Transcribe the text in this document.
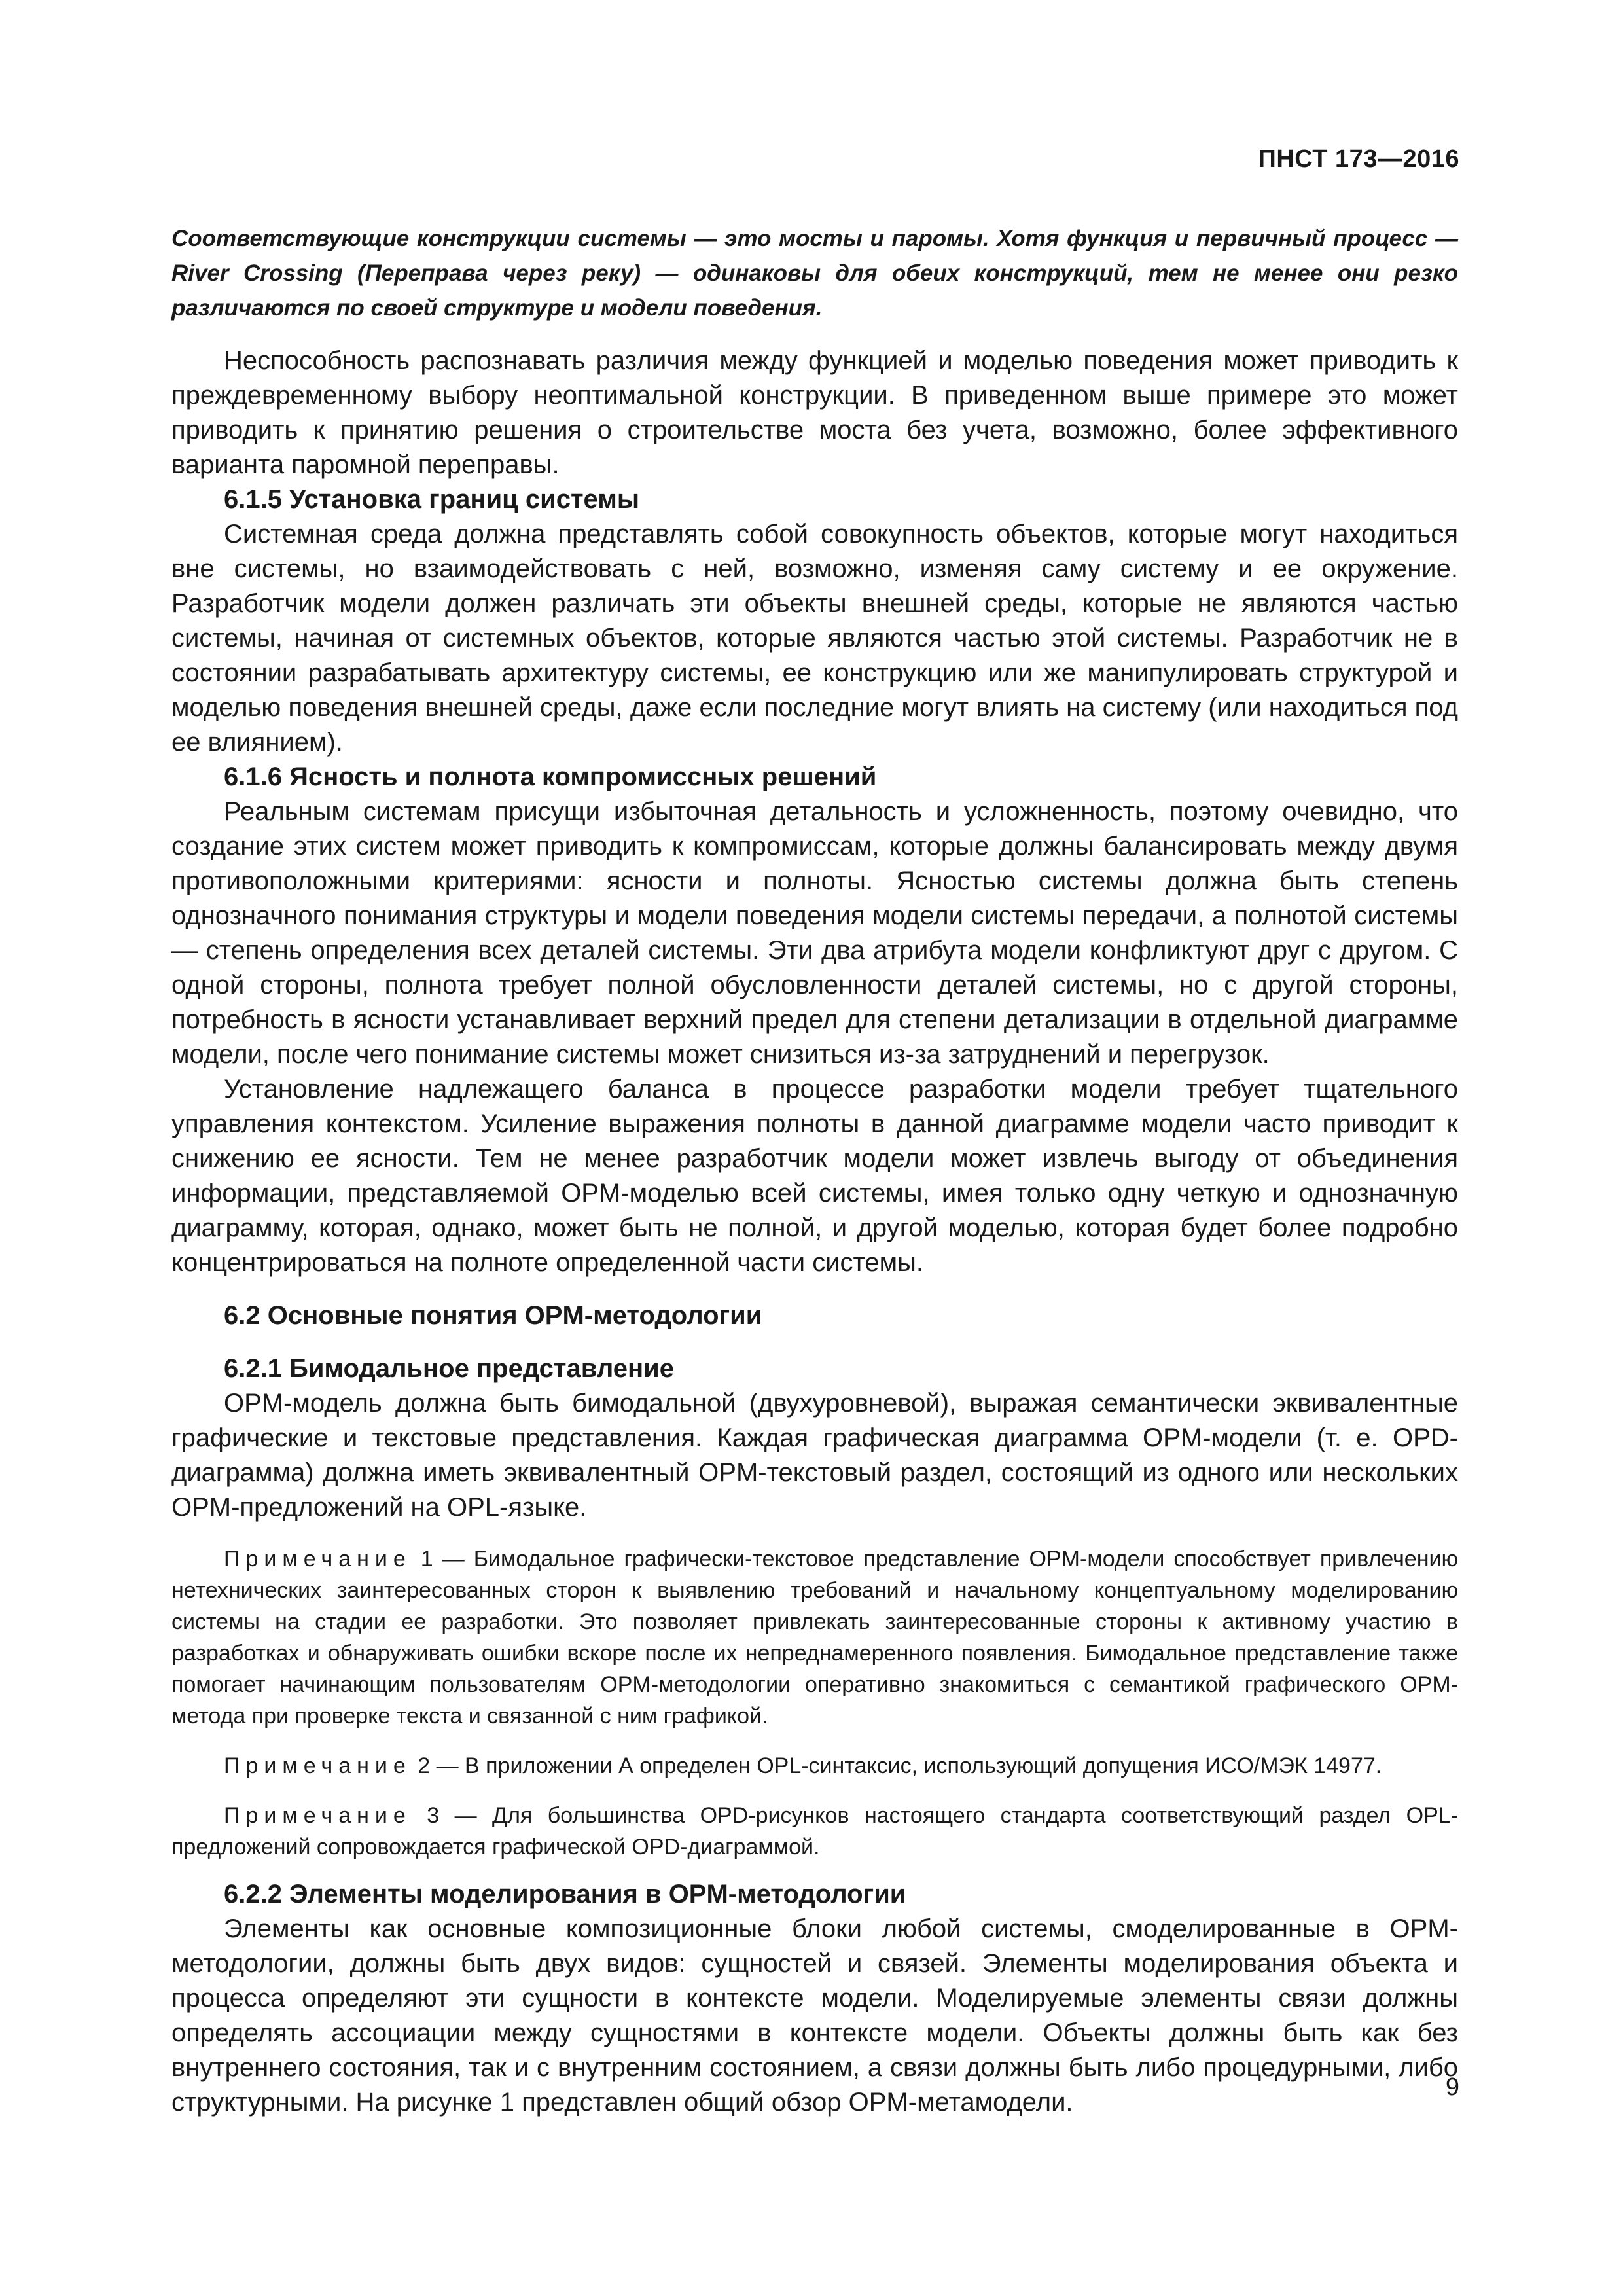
ПНСТ 173—2016

Соответствующие конструкции системы — это мосты и паромы. Хотя функция и первичный процесс — River Crossing (Переправа через реку) — одинаковы для обеих конструкций, тем не менее они резко различаются по своей структуре и модели поведения.

Неспособность распознавать различия между функцией и моделью поведения может приводить к преждевременному выбору неоптимальной конструкции. В приведенном выше примере это может приводить к принятию решения о строительстве моста без учета, возможно, более эффективного варианта паромной переправы.

6.1.5 Установка границ системы

Системная среда должна представлять собой совокупность объектов, которые могут находиться вне системы, но взаимодействовать с ней, возможно, изменяя саму систему и ее окружение. Разработчик модели должен различать эти объекты внешней среды, которые не являются частью системы, начиная от системных объектов, которые являются частью этой системы. Разработчик не в состоянии разрабатывать архитектуру системы, ее конструкцию или же манипулировать структурой и моделью поведения внешней среды, даже если последние могут влиять на систему (или находиться под ее влиянием).

6.1.6 Ясность и полнота компромиссных решений

Реальным системам присущи избыточная детальность и усложненность, поэтому очевидно, что создание этих систем может приводить к компромиссам, которые должны балансировать между двумя противоположными критериями: ясности и полноты. Ясностью системы должна быть степень однозначного понимания структуры и модели поведения модели системы передачи, а полнотой системы — степень определения всех деталей системы. Эти два атрибута модели конфликтуют друг с другом. С одной стороны, полнота требует полной обусловленности деталей системы, но с другой стороны, потребность в ясности устанавливает верхний предел для степени детализации в отдельной диаграмме модели, после чего понимание системы может снизиться из-за затруднений и перегрузок.

Установление надлежащего баланса в процессе разработки модели требует тщательного управления контекстом. Усиление выражения полноты в данной диаграмме модели часто приводит к снижению ее ясности. Тем не менее разработчик модели может извлечь выгоду от объединения информации, представляемой OPM-моделью всей системы, имея только одну четкую и однозначную диаграмму, которая, однако, может быть не полной, и другой моделью, которая будет более подробно концентрироваться на полноте определенной части системы.

6.2 Основные понятия OPM-методологии

6.2.1 Бимодальное представление

OPM-модель должна быть бимодальной (двухуровневой), выражая семантически эквивалентные графические и текстовые представления. Каждая графическая диаграмма OPM-модели (т. е. OPD-диаграмма) должна иметь эквивалентный OPM-текстовый раздел, состоящий из одного или нескольких OPM-предложений на OPL-языке.

Примечание 1 — Бимодальное графически-текстовое представление OPM-модели способствует привлечению нетехнических заинтересованных сторон к выявлению требований и начальному концептуальному моделированию системы на стадии ее разработки. Это позволяет привлекать заинтересованные стороны к активному участию в разработках и обнаруживать ошибки вскоре после их непреднамеренного появления. Бимодальное представление также помогает начинающим пользователям OPM-методологии оперативно знакомиться с семантикой графического OPM-метода при проверке текста и связанной с ним графикой.

Примечание 2 — В приложении А определен OPL-синтаксис, использующий допущения ИСО/МЭК 14977.

Примечание 3 — Для большинства OPD-рисунков настоящего стандарта соответствующий раздел OPL-предложений сопровождается графической OPD-диаграммой.

6.2.2 Элементы моделирования в OPM-методологии

Элементы как основные композиционные блоки любой системы, смоделированные в OPM-методологии, должны быть двух видов: сущностей и связей. Элементы моделирования объекта и процесса определяют эти сущности в контексте модели. Моделируемые элементы связи должны определять ассоциации между сущностями в контексте модели. Объекты должны быть как без внутреннего состояния, так и с внутренним состоянием, а связи должны быть либо процедурными, либо структурными. На рисунке 1 представлен общий обзор OPM-метамодели.

9
